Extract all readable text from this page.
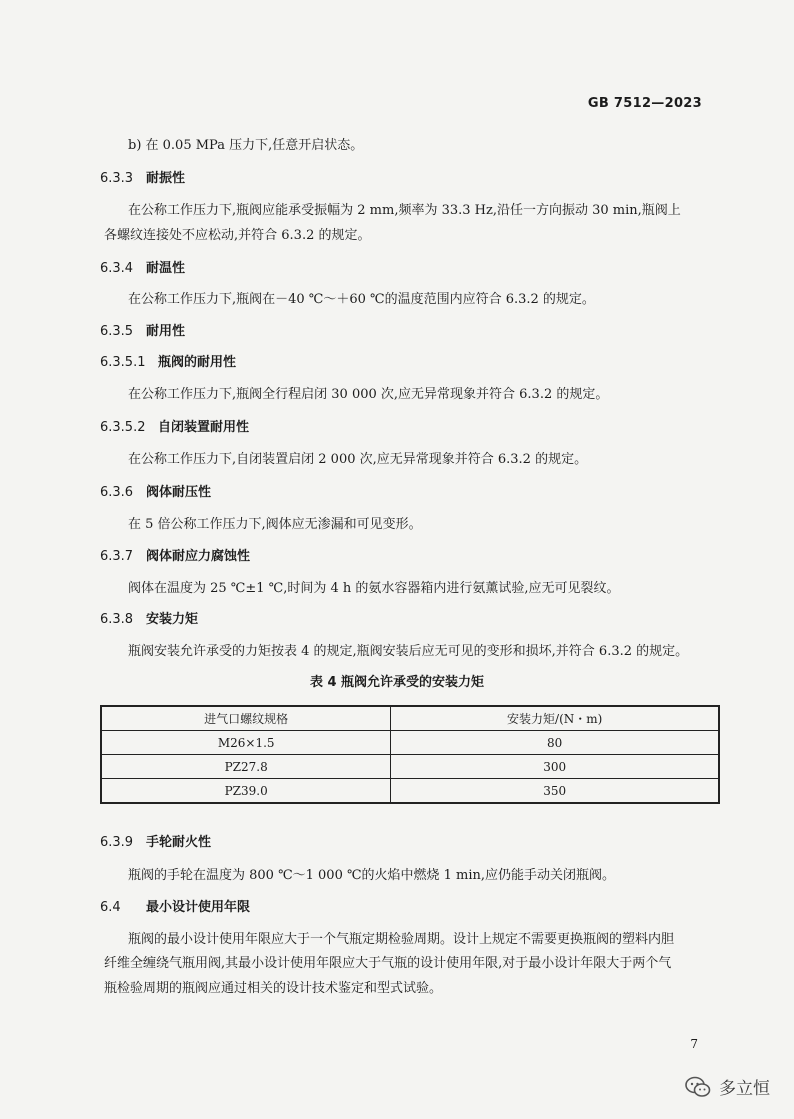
GB 7512—2023
b) 在 0.05 MPa 压力下,任意开启状态。
6.3.3 耐振性
在公称工作压力下,瓶阀应能承受振幅为 2 mm,频率为 33.3 Hz,沿任一方向振动 30 min,瓶阀上
各螺纹连接处不应松动,并符合 6.3.2 的规定。
6.3.4 耐温性
在公称工作压力下,瓶阀在－40 ℃～＋60 ℃的温度范围内应符合 6.3.2 的规定。
6.3.5 耐用性
6.3.5.1 瓶阀的耐用性
在公称工作压力下,瓶阀全行程启闭 30 000 次,应无异常现象并符合 6.3.2 的规定。
6.3.5.2 自闭装置耐用性
在公称工作压力下,自闭装置启闭 2 000 次,应无异常现象并符合 6.3.2 的规定。
6.3.6 阀体耐压性
在 5 倍公称工作压力下,阀体应无渗漏和可见变形。
6.3.7 阀体耐应力腐蚀性
阀体在温度为 25 ℃±1 ℃,时间为 4 h 的氨水容器箱内进行氨薰试验,应无可见裂纹。
6.3.8 安装力矩
瓶阀安装允许承受的力矩按表 4 的规定,瓶阀安装后应无可见的变形和损坏,并符合 6.3.2 的规定。
表 4 瓶阀允许承受的安装力矩
进气口螺纹规格	安装力矩/(N・m)
M26×1.5	80
PZ27.8	300
PZ39.0	350
6.3.9 手轮耐火性
瓶阀的手轮在温度为 800 ℃～1 000 ℃的火焰中燃烧 1 min,应仍能手动关闭瓶阀。
6.4 最小设计使用年限
瓶阀的最小设计使用年限应大于一个气瓶定期检验周期。设计上规定不需要更换瓶阀的塑料内胆
纤维全缠绕气瓶用阀,其最小设计使用年限应大于气瓶的设计使用年限,对于最小设计年限大于两个气
瓶检验周期的瓶阀应通过相关的设计技术鉴定和型式试验。
7
多立恒
